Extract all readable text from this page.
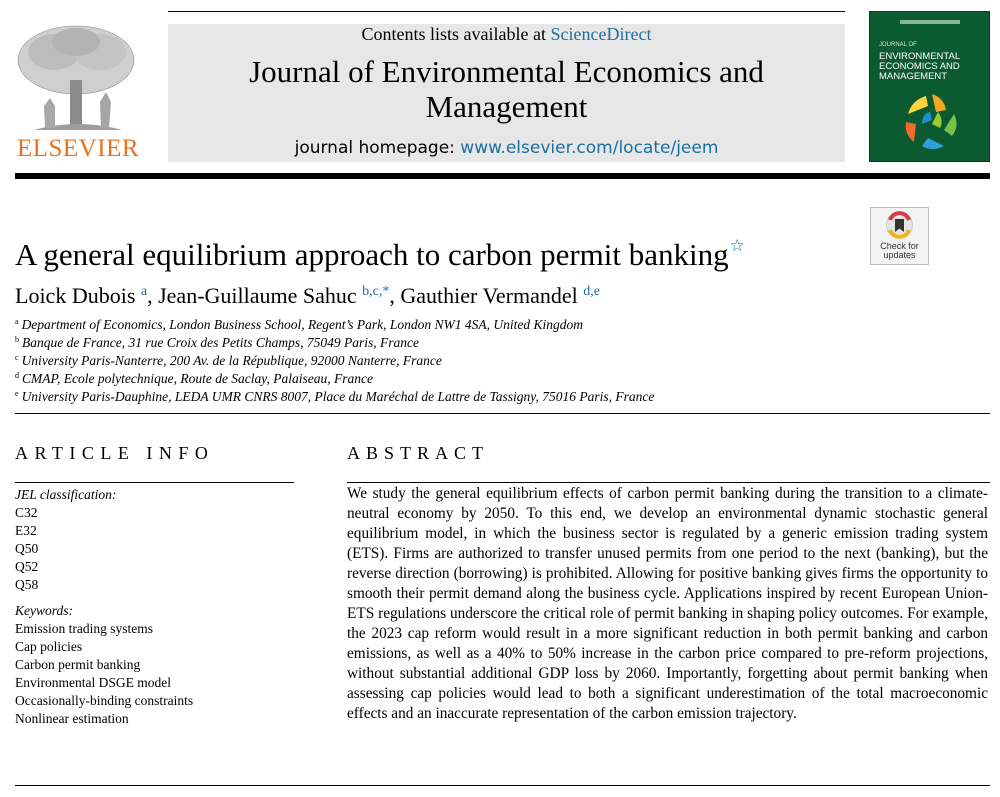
ELSEVIER
Contents lists available at ScienceDirect
Journal of Environmental Economics and
Management
journal homepage: www.elsevier.com/locate/jeem
JOURNAL OF
ENVIRONMENTAL ECONOMICS AND MANAGEMENT
Check for
updates
A general equilibrium approach to carbon permit banking☆
Loick Dubois $^a$, Jean-Guillaume Sahuc $^{b,c,*}$, Gauthier Vermandel $^{d,e}$
$^a$ Department of Economics, London Business School, Regent’s Park, London NW1 4SA, United Kingdom
$^b$ Banque de France, 31 rue Croix des Petits Champs, 75049 Paris, France
$^c$ University Paris-Nanterre, 200 Av. de la République, 92000 Nanterre, France
$^d$ CMAP, Ecole polytechnique, Route de Saclay, Palaiseau, France
$^e$ University Paris-Dauphine, LEDA UMR CNRS 8007, Place du Maréchal de Lattre de Tassigny, 75016 Paris, France
ARTICLE INFO
JEL classification:
C32
E32
Q50
Q52
Q58
Keywords:
Emission trading systems
Cap policies
Carbon permit banking
Environmental DSGE model
Occasionally-binding constraints
Nonlinear estimation
ABSTRACT
We study the general equilibrium effects of carbon permit banking during the transition to a climate-neutral economy by 2050. To this end, we develop an environmental dynamic stochastic general equilibrium model, in which the business sector is regulated by a generic emission trading system (ETS). Firms are authorized to transfer unused permits from one period to the next (banking), but the reverse direction (borrowing) is prohibited. Allowing for positive banking gives firms the opportunity to smooth their permit demand along the business cycle. Applications inspired by recent European Union-ETS regulations underscore the critical role of permit banking in shaping policy outcomes. For example, the 2023 cap reform would result in a more significant reduction in both permit banking and carbon emissions, as well as a 40% to 50% increase in the carbon price compared to pre-reform projections, without substantial additional GDP loss by 2060. Importantly, forgetting about permit banking when assessing cap policies would lead to both a significant underestimation of the total macroeconomic effects and an inaccurate representation of the carbon emission trajectory.
